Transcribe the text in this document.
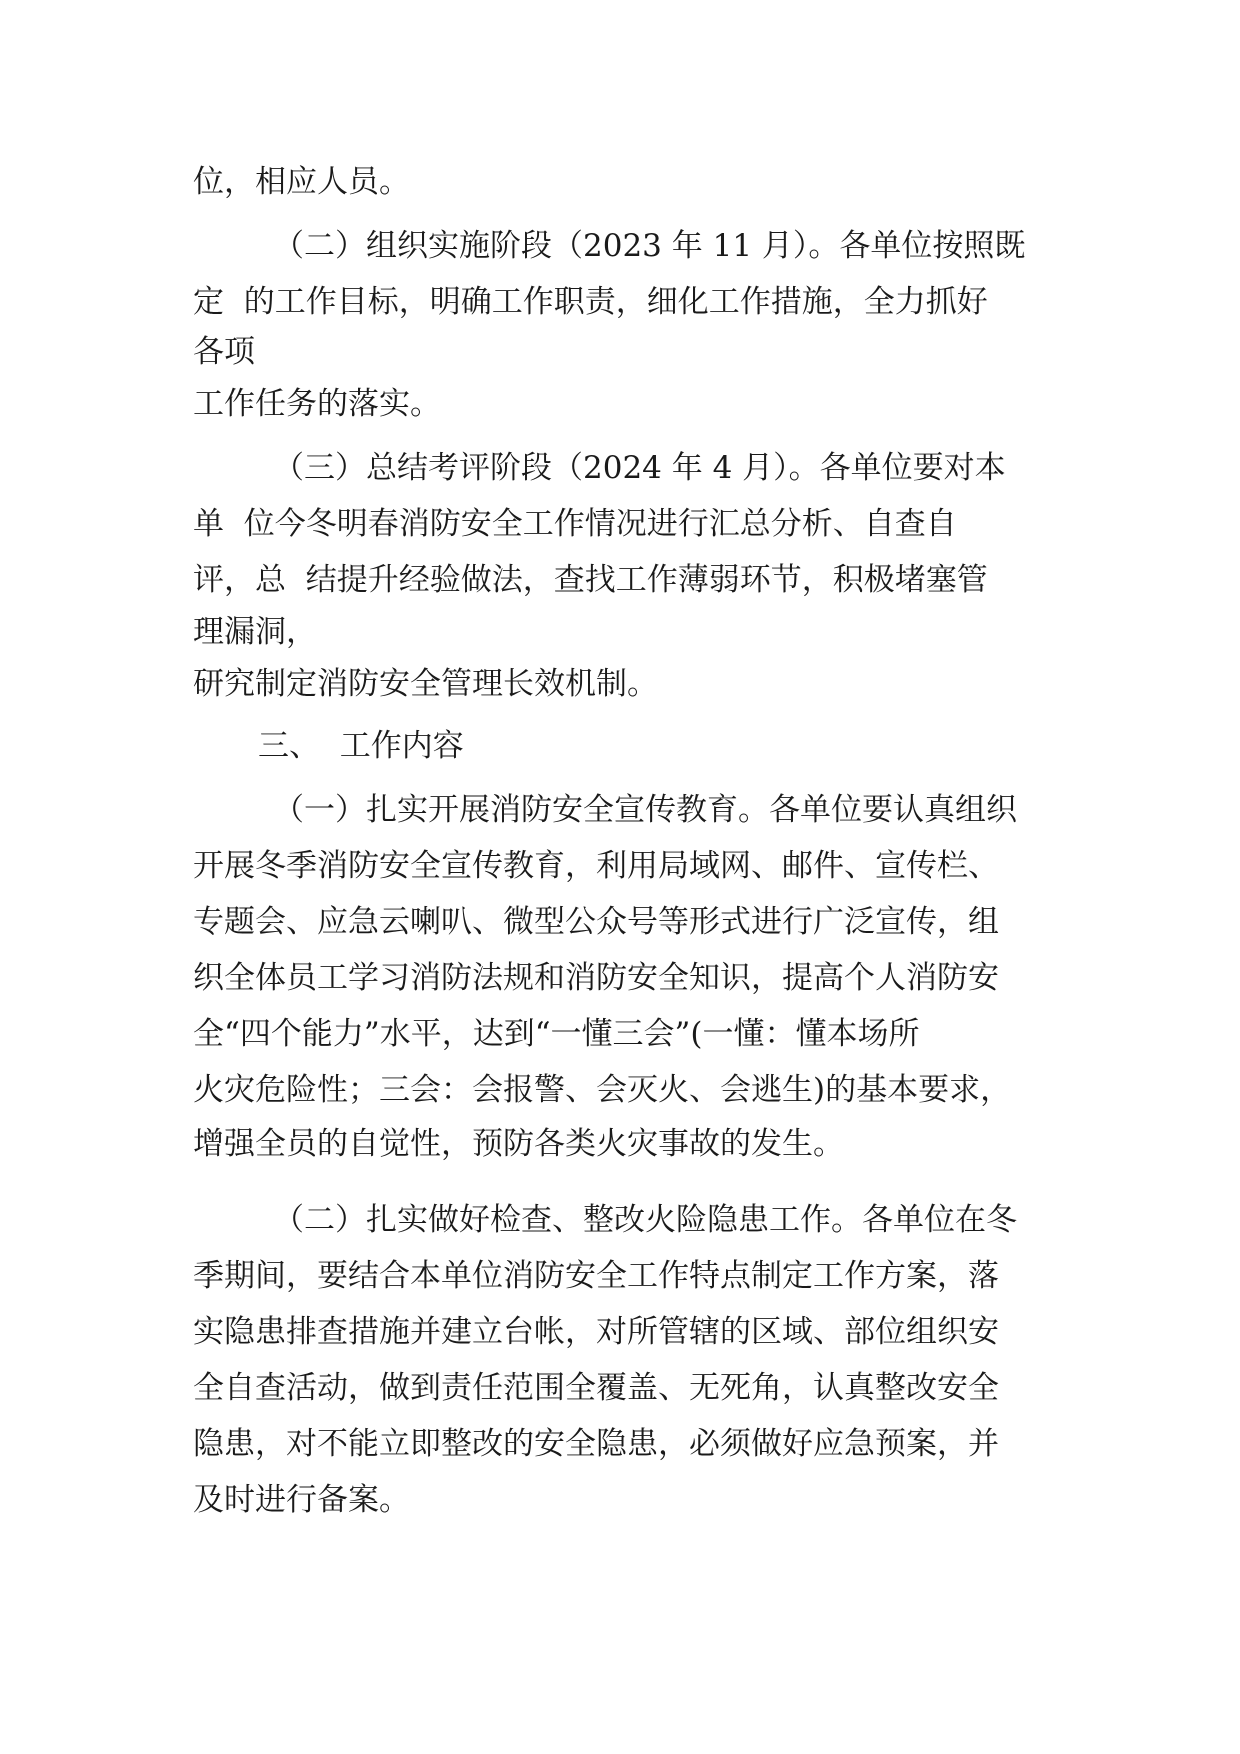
位，相应人员。

（二）组织实施阶段（2023 年 11 月）。各单位按照既

定  的工作目标，明确工作职责，细化工作措施，全力抓好

各项

工作任务的落实。

（三）总结考评阶段（2024 年 4 月）。各单位要对本

单  位今冬明春消防安全工作情况进行汇总分析、自查自

评，总  结提升经验做法，查找工作薄弱环节，积极堵塞管

理漏洞，

研究制定消防安全管理长效机制。

三、  工作内容

（一）扎实开展消防安全宣传教育。各单位要认真组织

开展冬季消防安全宣传教育，利用局域网、邮件、宣传栏、

专题会、应急云喇叭、微型公众号等形式进行广泛宣传，组

织全体员工学习消防法规和消防安全知识，提高个人消防安

全“四个能力”水平，达到“一懂三会”(一懂：懂本场所

火灾危险性；三会：会报警、会灭火、会逃生)的基本要求，

增强全员的自觉性，预防各类火灾事故的发生。

（二）扎实做好检查、整改火险隐患工作。各单位在冬

季期间，要结合本单位消防安全工作特点制定工作方案，落

实隐患排查措施并建立台帐，对所管辖的区域、部位组织安

全自查活动，做到责任范围全覆盖、无死角，认真整改安全

隐患，对不能立即整改的安全隐患，必须做好应急预案，并

及时进行备案。
